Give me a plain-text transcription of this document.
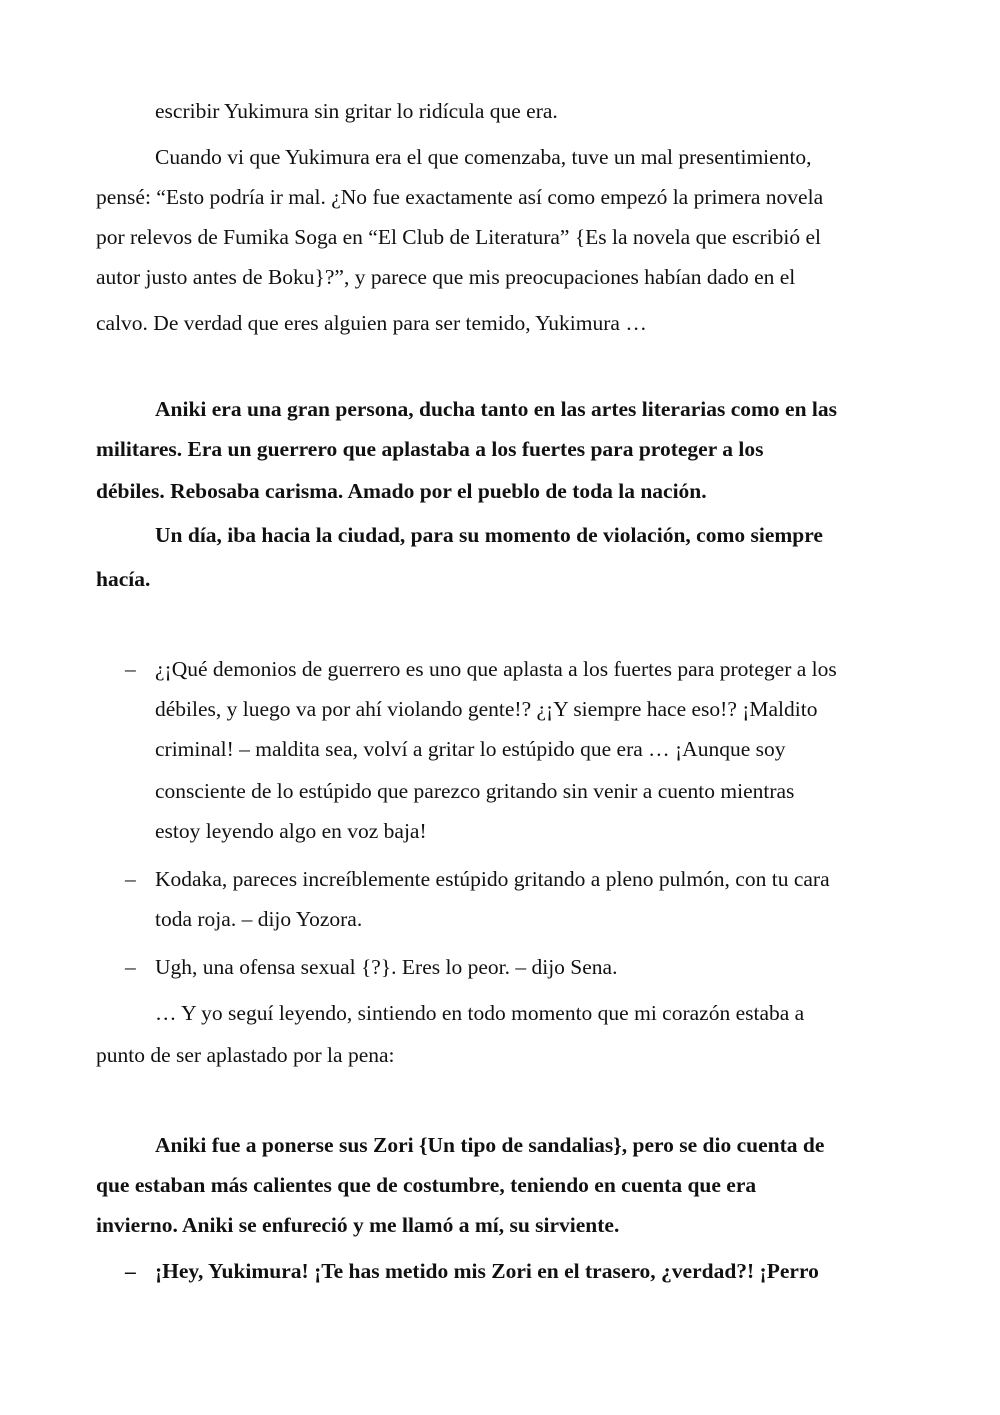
escribir Yukimura sin gritar lo ridícula que era.
Cuando vi que Yukimura era el que comenzaba, tuve un mal presentimiento,
pensé: “Esto podría ir mal. ¿No fue exactamente así como empezó la primera novela
por relevos de Fumika Soga en “El Club de Literatura” {Es la novela que escribió el
autor justo antes de Boku}?”, y parece que mis preocupaciones habían dado en el
calvo. De verdad que eres alguien para ser temido, Yukimura …
Aniki era una gran persona, ducha tanto en las artes literarias como en las
militares. Era un guerrero que aplastaba a los fuertes para proteger a los
débiles. Rebosaba carisma. Amado por el pueblo de toda la nación.
Un día, iba hacia la ciudad, para su momento de violación, como siempre
hacía.
– ¿¡Qué demonios de guerrero es uno que aplasta a los fuertes para proteger a los
débiles, y luego va por ahí violando gente!? ¿¡Y siempre hace eso!? ¡Maldito
criminal! – maldita sea, volví a gritar lo estúpido que era … ¡Aunque soy
consciente de lo estúpido que parezco gritando sin venir a cuento mientras
estoy leyendo algo en voz baja!
– Kodaka, pareces increíblemente estúpido gritando a pleno pulmón, con tu cara
toda roja. – dijo Yozora.
– Ugh, una ofensa sexual {?}. Eres lo peor. – dijo Sena.
… Y yo seguí leyendo, sintiendo en todo momento que mi corazón estaba a
punto de ser aplastado por la pena:
Aniki fue a ponerse sus Zori {Un tipo de sandalias}, pero se dio cuenta de
que estaban más calientes que de costumbre, teniendo en cuenta que era
invierno. Aniki se enfureció y me llamó a mí, su sirviente.
– ¡Hey, Yukimura! ¡Te has metido mis Zori en el trasero, ¿verdad?! ¡Perro
